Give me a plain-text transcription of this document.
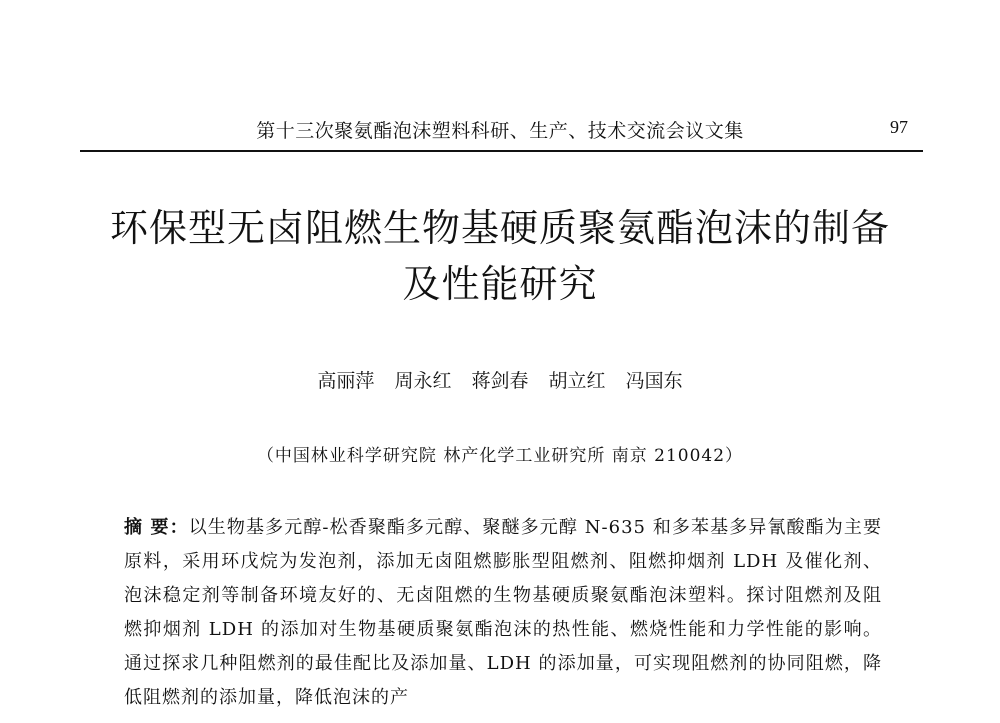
第十三次聚氨酯泡沫塑料科研、生产、技术交流会议文集	97
环保型无卤阻燃生物基硬质聚氨酯泡沫的制备
及性能研究
高丽萍 周永红 蒋剑春 胡立红 冯国东
（中国林业科学研究院 林产化学工业研究所 南京 210042）
摘 要：以生物基多元醇-松香聚酯多元醇、聚醚多元醇 N-635 和多苯基多异氰酸酯为主要原料，采用环戊烷为发泡剂，添加无卤阻燃膨胀型阻燃剂、阻燃抑烟剂 LDH 及催化剂、泡沫稳定剂等制备环境友好的、无卤阻燃的生物基硬质聚氨酯泡沫塑料。探讨阻燃剂及阻燃抑烟剂 LDH 的添加对生物基硬质聚氨酯泡沫的热性能、燃烧性能和力学性能的影响。通过探求几种阻燃剂的最佳配比及添加量、LDH 的添加量，可实现阻燃剂的协同阻燃，降低阻燃剂的添加量，降低泡沫的产
